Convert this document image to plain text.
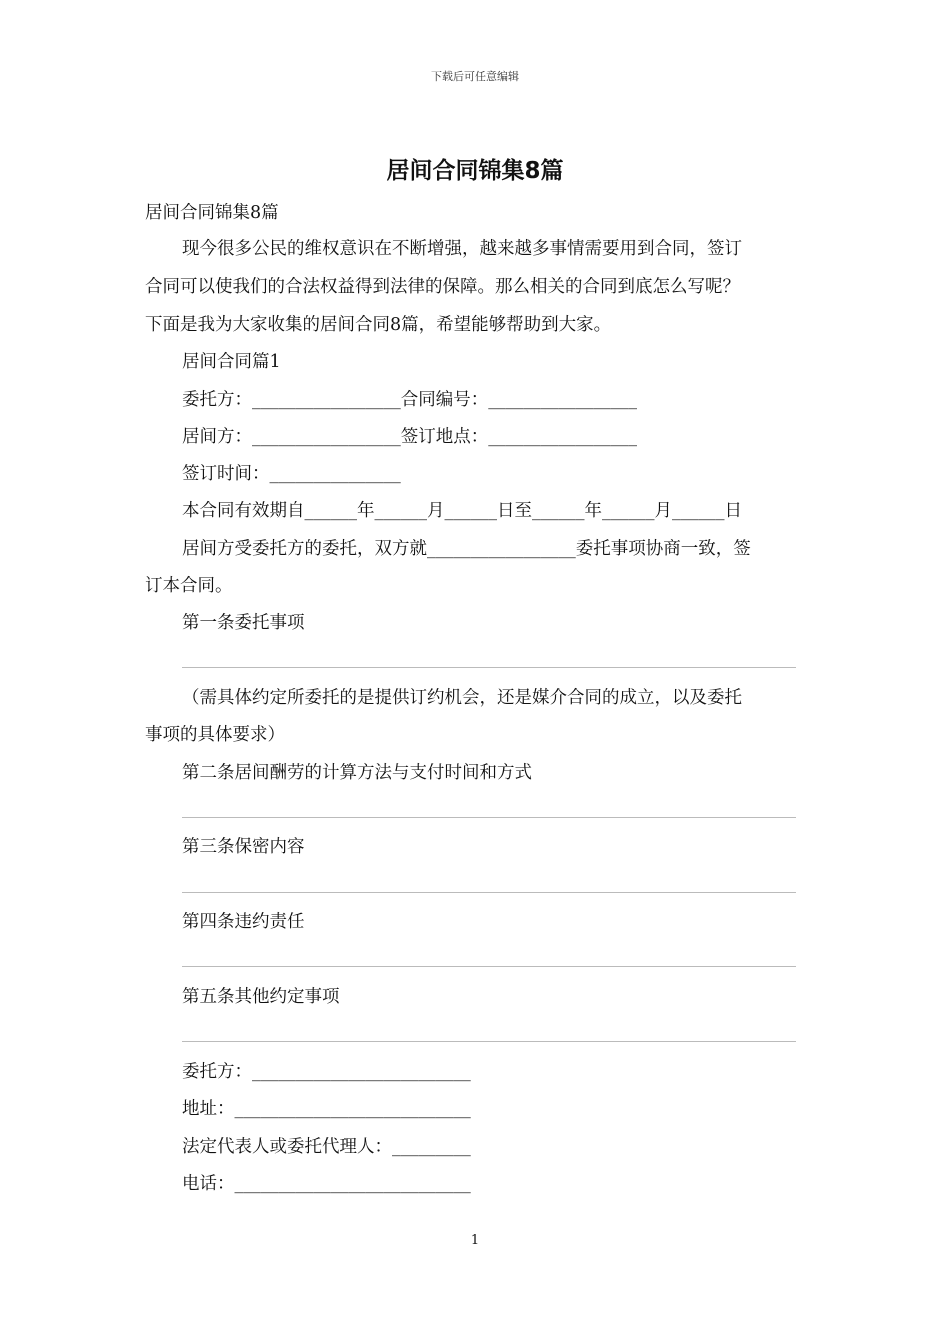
下载后可任意编辑
居间合同锦集8篇
居间合同锦集8篇
现今很多公民的维权意识在不断增强，越来越多事情需要用到合同，签订
合同可以使我们的合法权益得到法律的保障。那么相关的合同到底怎么写呢？
下面是我为大家收集的居间合同8篇，希望能够帮助到大家。
居间合同篇1
委托方：_________________合同编号：_________________
居间方：_________________签订地点：_________________
签订时间：_______________
本合同有效期自______年______月______日至______年______月______日
居间方受委托方的委托，双方就_________________委托事项协商一致，签
订本合同。
第一条委托事项
（需具体约定所委托的是提供订约机会，还是媒介合同的成立，以及委托
事项的具体要求）
第二条居间酬劳的计算方法与支付时间和方式
第三条保密内容
第四条违约责任
第五条其他约定事项
委托方：_________________________
地址：___________________________
法定代表人或委托代理人：_________
电话：___________________________
1
